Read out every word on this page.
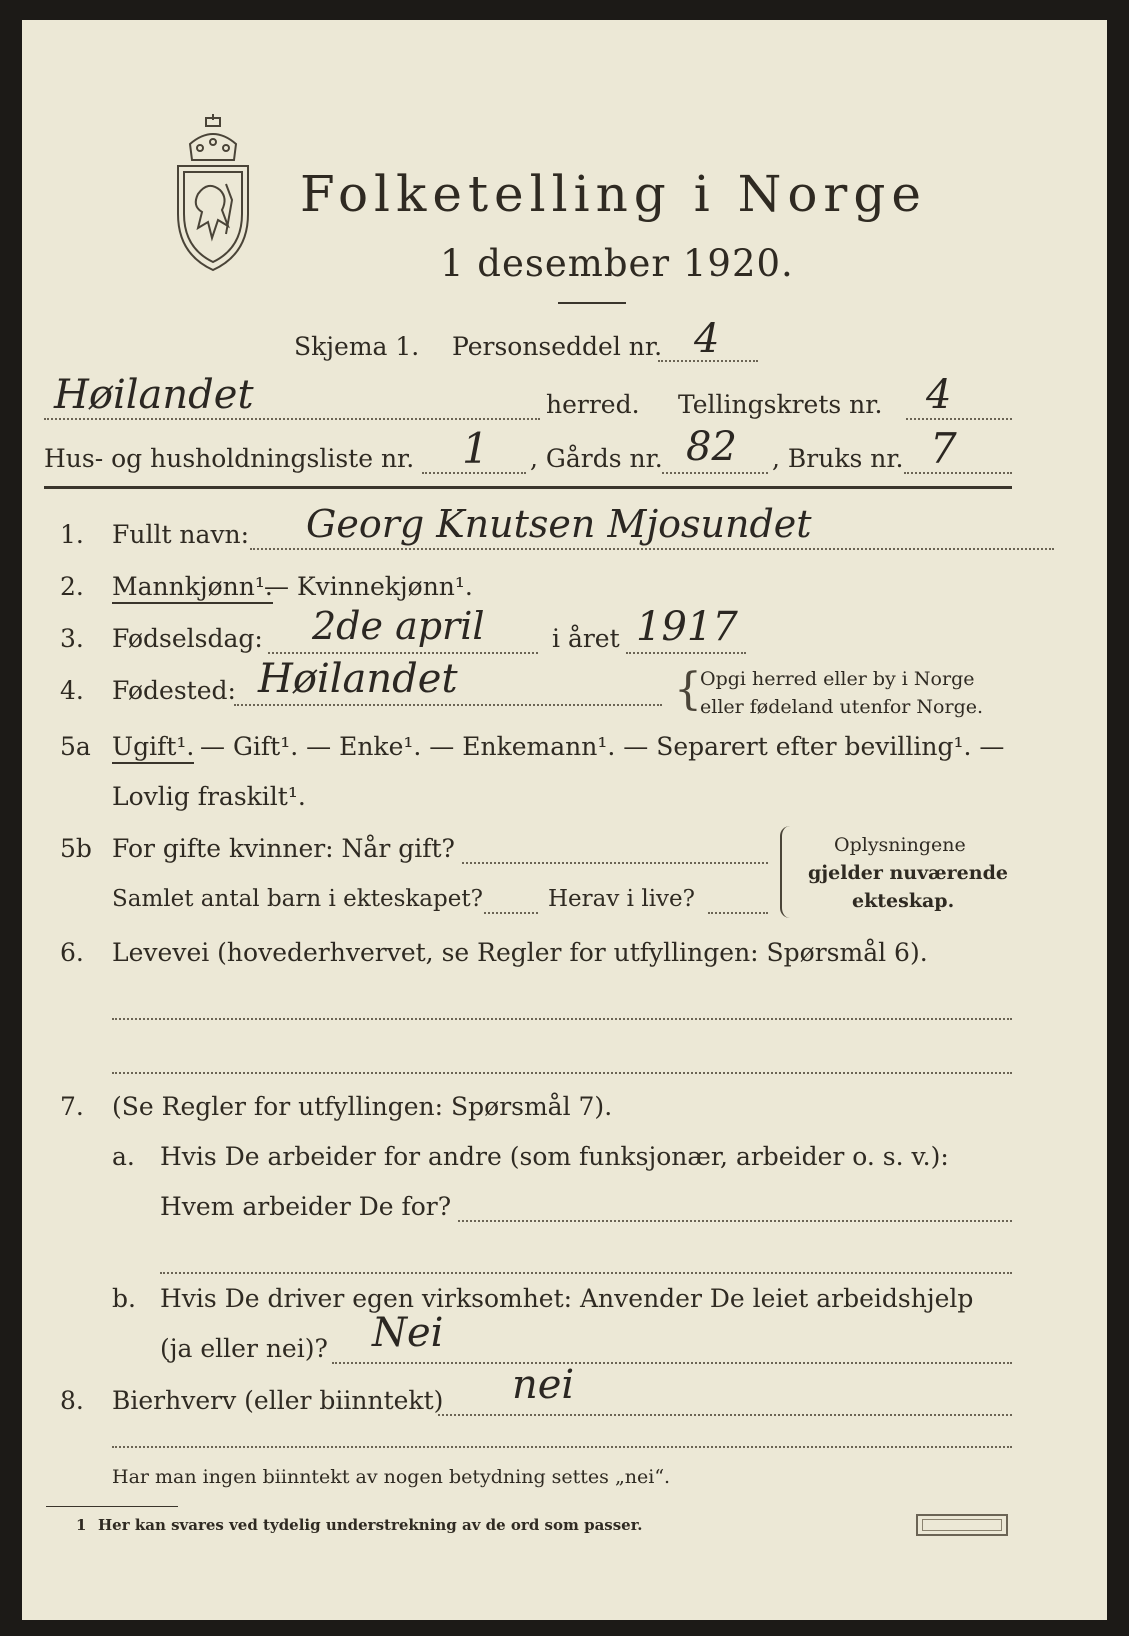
Folketelling i Norge
1 desember 1920.
Skjema 1. Personseddel nr. 4
Høilandet	herred. Tellingskrets nr. 4
Hus- og husholdningsliste nr. 1 , Gårds nr. 82 , Bruks nr. 7
1. Fullt navn: Georg Knutsen Mjosundet
2. Mannkjønn¹.
— Kvinnekjønn¹.
3. Fødselsdag: 2de april	i året 1917
4. Fødested: Høilandet	{
Opgi herred eller by i Norge
eller fødeland utenfor Norge.
5a Ugift¹. — Gift¹. — Enke¹. — Enkemann¹. — Separert efter bevilling¹. —
Lovlig fraskilt¹.
5b For gifte kvinner: Når gift?
Samlet antal barn i ekteskapet?	Herav i live?
Oplysningene
gjelder nuværende
ekteskap.
6. Levevei (hovederhvervet, se Regler for utfyllingen: Spørsmål 6).
7. (Se Regler for utfyllingen: Spørsmål 7).
a. Hvis De arbeider for andre (som funksjonær, arbeider o. s. v.):
Hvem arbeider De for?
b. Hvis De driver egen virksomhet: Anvender De leiet arbeidshjelp
(ja eller nei)? Nei
8. Bierhverv (eller biinntekt) nei
Har man ingen biinntekt av nogen betydning settes „nei“.
1 Her kan svares ved tydelig understrekning av de ord som passer.
